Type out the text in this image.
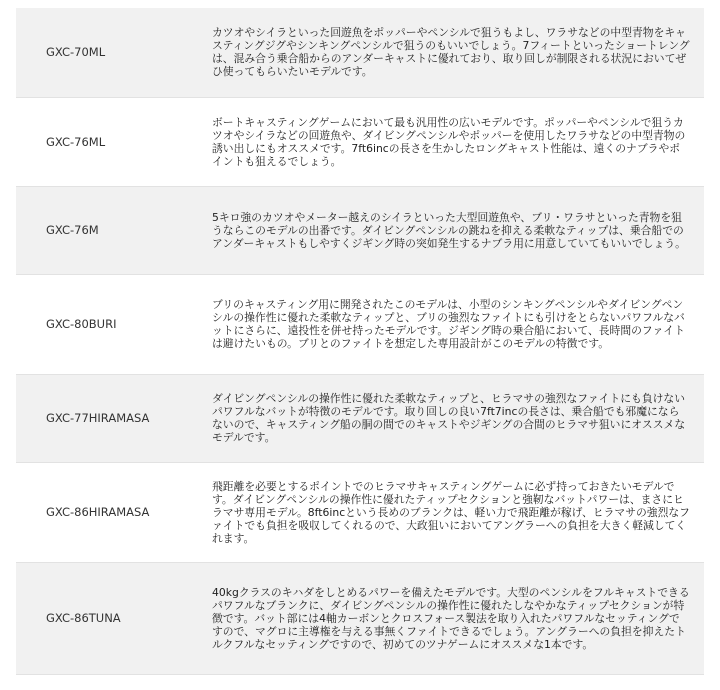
GXC-70ML	カツオやシイラといった回遊魚をポッパーやペンシルで狙うもよし、ワラサなどの中型青物をキャスティングジグやシンキングペンシルで狙うのもいいでしょう。7フィートといったショートレングは、混み合う乗合船からのアンダーキャストに優れており、取り回しが制限される状況においてぜひ使ってもらいたいモデルです。
GXC-76ML	ボートキャスティングゲームにおいて最も汎用性の広いモデルです。ポッパーやペンシルで狙うカツオやシイラなどの回遊魚や、ダイビングペンシルやポッパーを使用したワラサなどの中型青物の誘い出しにもオススメです。7ft6incの長さを生かしたロングキャスト性能は、遠くのナブラやポイントも狙えるでしょう。
GXC-76M	5キロ強のカツオやメーター越えのシイラといった大型回遊魚や、ブリ・ワラサといった青物を狙うならこのモデルの出番です。ダイビングペンシルの跳ねを抑える柔軟なティップは、乗合船でのアンダーキャストもしやすくジギング時の突如発生するナブラ用に用意していてもいいでしょう。
GXC-80BURI	ブリのキャスティング用に開発されたこのモデルは、小型のシンキングペンシルやダイビングペンシルの操作性に優れた柔軟なティップと、ブリの強烈なファイトにも引けをとらないパワフルなバットにさらに、遠投性を併せ持ったモデルです。ジギング時の乗合船において、長時間のファイトは避けたいもの。ブリとのファイトを想定した専用設計がこのモデルの特徴です。
GXC-77HIRAMASA	ダイビングペンシルの操作性に優れた柔軟なティップと、ヒラマサの強烈なファイトにも負けないパワフルなバットが特徴のモデルです。取り回しの良い7ft7incの長さは、乗合船でも邪魔にならないので、キャスティング船の胴の間でのキャストやジギングの合間のヒラマサ狙いにオススメなモデルです。
GXC-86HIRAMASA	飛距離を必要とするポイントでのヒラマサキャスティングゲームに必ず持っておきたいモデルです。ダイビングペンシルの操作性に優れたティップセクションと強靭なバットパワーは、まさにヒラマサ専用モデル。8ft6incという長めのブランクは、軽い力で飛距離が稼げ、ヒラマサの強烈なファイトでも負担を吸収してくれるので、大政狙いにおいてアングラーへの負担を大きく軽減してくれます。
GXC-86TUNA	40kgクラスのキハダをしとめるパワーを備えたモデルです。大型のペンシルをフルキャストできるパワフルなブランクに、ダイビングペンシルの操作性に優れたしなやかなティップセクションが特徴です。バット部には4軸カーボンとクロスフォース製法を取り入れたパワフルなセッティングですので、マグロに主導権を与える事無くファイトできるでしょう。アングラーへの負担を抑えたトルクフルなセッティングですので、初めてのツナゲームにオススメな1本です。
